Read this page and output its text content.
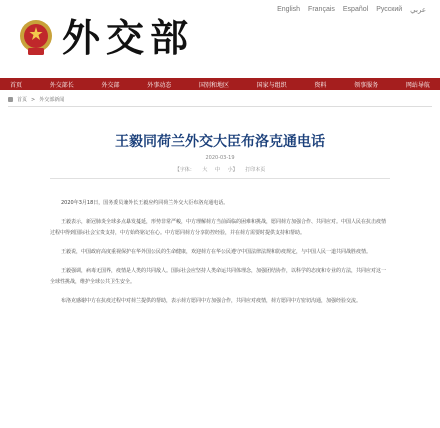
外交部
English Français Español Русский عربي
首页	外交部长	外交部	外事动态	国别和地区	国家与组织	资料	领事服务	网站导航
首页 > 外交部新闻
王毅同荷兰外交大臣布洛克通电话
2020-03-19
【字体： 大 中 小】 打印本页

2020年3月18日，国务委员兼外长王毅应约同荷兰外交大臣布洛克通电话。

王毅表示，新冠肺炎全球多点暴发蔓延，形势非常严峻，中方理解荷方当前面临的困难和挑战，愿同荷方加强合作、共同应对。中国人民在抗击疫情过程中得到国际社会宝贵支持，中方始终铭记在心。中方愿同荷方分享防控经验，并在荷方需要时提供支持和帮助。

王毅说，中国政府高度重视保护在华外国公民的生命健康，欢迎荷方在华公民遵守中国法律法规和防疫规定，与中国人民一道共同战胜疫情。

王毅强调，病毒无国界，疫情是人类的共同敌人。国际社会应坚持人类命运共同体理念，加强团结协作，以科学的态度和专业的方法，共同应对这一全球性挑战，维护全球公共卫生安全。

布洛克感谢中方在抗疫过程中对荷兰提供的帮助，表示荷方愿同中方加强合作，共同应对疫情，荷方愿同中方密切沟通，加强经验交流。
